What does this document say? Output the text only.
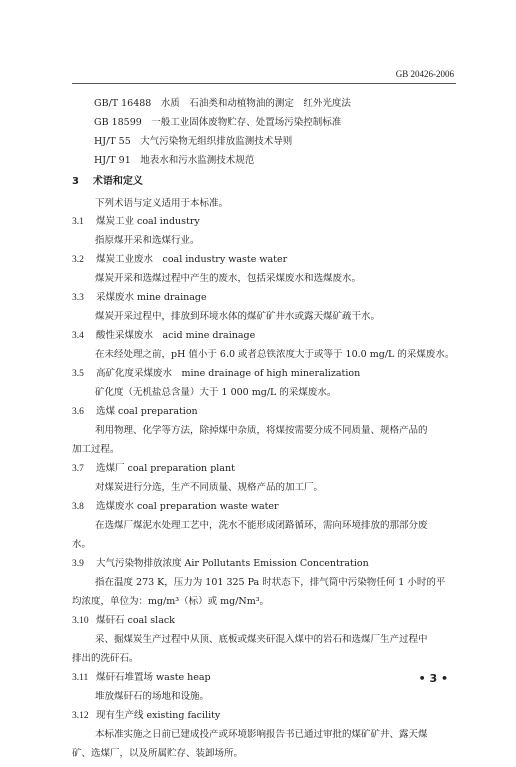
GB 20426-2006
GB/T 16488　水质　石油类和动植物油的测定　红外光度法
GB 18599　一般工业固体废物贮存、处置场污染控制标准
HJ/T 55　大气污染物无组织排放监测技术导则
HJ/T 91　地表水和污水监测技术规范
3 术语和定义
下列术语与定义适用于本标准。
3.1 煤炭工业 coal industry
指原煤开采和选煤行业。
3.2 煤炭工业废水　coal industry waste water
煤炭开采和选煤过程中产生的废水，包括采煤废水和选煤废水。
3.3 采煤废水 mine drainage
煤炭开采过程中，排放到环境水体的煤矿矿井水或露天煤矿疏干水。
3.4 酸性采煤废水　acid mine drainage
在未经处理之前，pH 值小于 6.0 或者总铁浓度大于或等于 10.0 mg/L 的采煤废水。
3.5 高矿化度采煤废水　mine drainage of high mineralization
矿化度（无机盐总含量）大于 1 000 mg/L 的采煤废水。
3.6 选煤 coal preparation
利用物理、化学等方法，除掉煤中杂质，将煤按需要分成不同质量、规格产品的
加工过程。
3.7 选煤厂 coal preparation plant
对煤炭进行分选，生产不同质量、规格产品的加工厂。
3.8 选煤废水 coal preparation waste water
在选煤厂煤泥水处理工艺中，洗水不能形成闭路循环，需向环境排放的那部分废
水。
3.9 大气污染物排放浓度 Air Pollutants Emission Concentration
指在温度 273 K，压力为 101 325 Pa 时状态下，排气筒中污染物任何 1 小时的平
均浓度，单位为：mg/m³（标）或 mg/Nm³。
3.10 煤矸石 coal slack
采、掘煤炭生产过程中从顶、底板或煤夹矸混入煤中的岩石和选煤厂生产过程中
排出的洗矸石。
3.11 煤矸石堆置场 waste heap
堆放煤矸石的场地和设施。
3.12 现有生产线 existing facility
本标准实施之日前已建成投产或环境影响报告书已通过审批的煤矿矿井、露天煤
矿、选煤厂，以及所属贮存、装卸场所。
• 3 •
